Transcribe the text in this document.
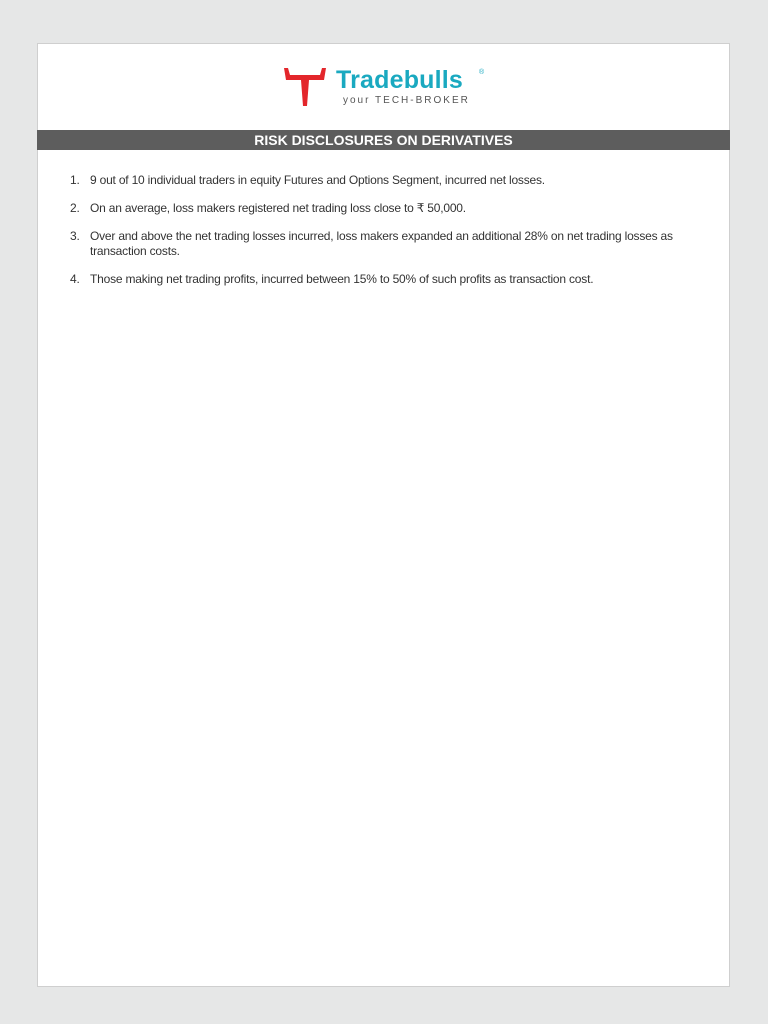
Tradebulls ®
your TECH-BROKER
RISK DISCLOSURES ON DERIVATIVES
1. 9 out of 10 individual traders in equity Futures and Options Segment, incurred net losses.
2. On an average, loss makers registered net trading loss close to ₹ 50,000.
3. Over and above the net trading losses incurred, loss makers expanded an additional 28% on net trading losses as transaction costs.
4. Those making net trading profits, incurred between 15% to 50% of such profits as transaction cost.
